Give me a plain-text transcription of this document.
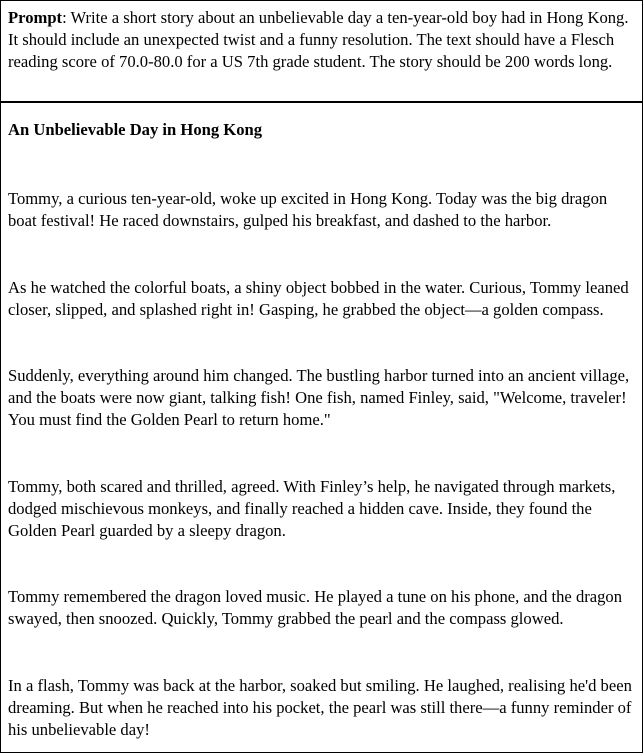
Prompt: Write a short story about an unbelievable day a ten-year-old boy had in Hong Kong. It should include an unexpected twist and a funny resolution. The text should have a Flesch reading score of 70.0-80.0 for a US 7th grade student. The story should be 200 words long.
An Unbelievable Day in Hong Kong

Tommy, a curious ten-year-old, woke up excited in Hong Kong. Today was the big dragon boat festival! He raced downstairs, gulped his breakfast, and dashed to the harbor.

As he watched the colorful boats, a shiny object bobbed in the water. Curious, Tommy leaned closer, slipped, and splashed right in! Gasping, he grabbed the object—a golden compass.

Suddenly, everything around him changed. The bustling harbor turned into an ancient village, and the boats were now giant, talking fish! One fish, named Finley, said, "Welcome, traveler! You must find the Golden Pearl to return home."

Tommy, both scared and thrilled, agreed. With Finley’s help, he navigated through markets, dodged mischievous monkeys, and finally reached a hidden cave. Inside, they found the Golden Pearl guarded by a sleepy dragon.

Tommy remembered the dragon loved music. He played a tune on his phone, and the dragon swayed, then snoozed. Quickly, Tommy grabbed the pearl and the compass glowed.

In a flash, Tommy was back at the harbor, soaked but smiling. He laughed, realising he'd been dreaming. But when he reached into his pocket, the pearl was still there—a funny reminder of his unbelievable day!
